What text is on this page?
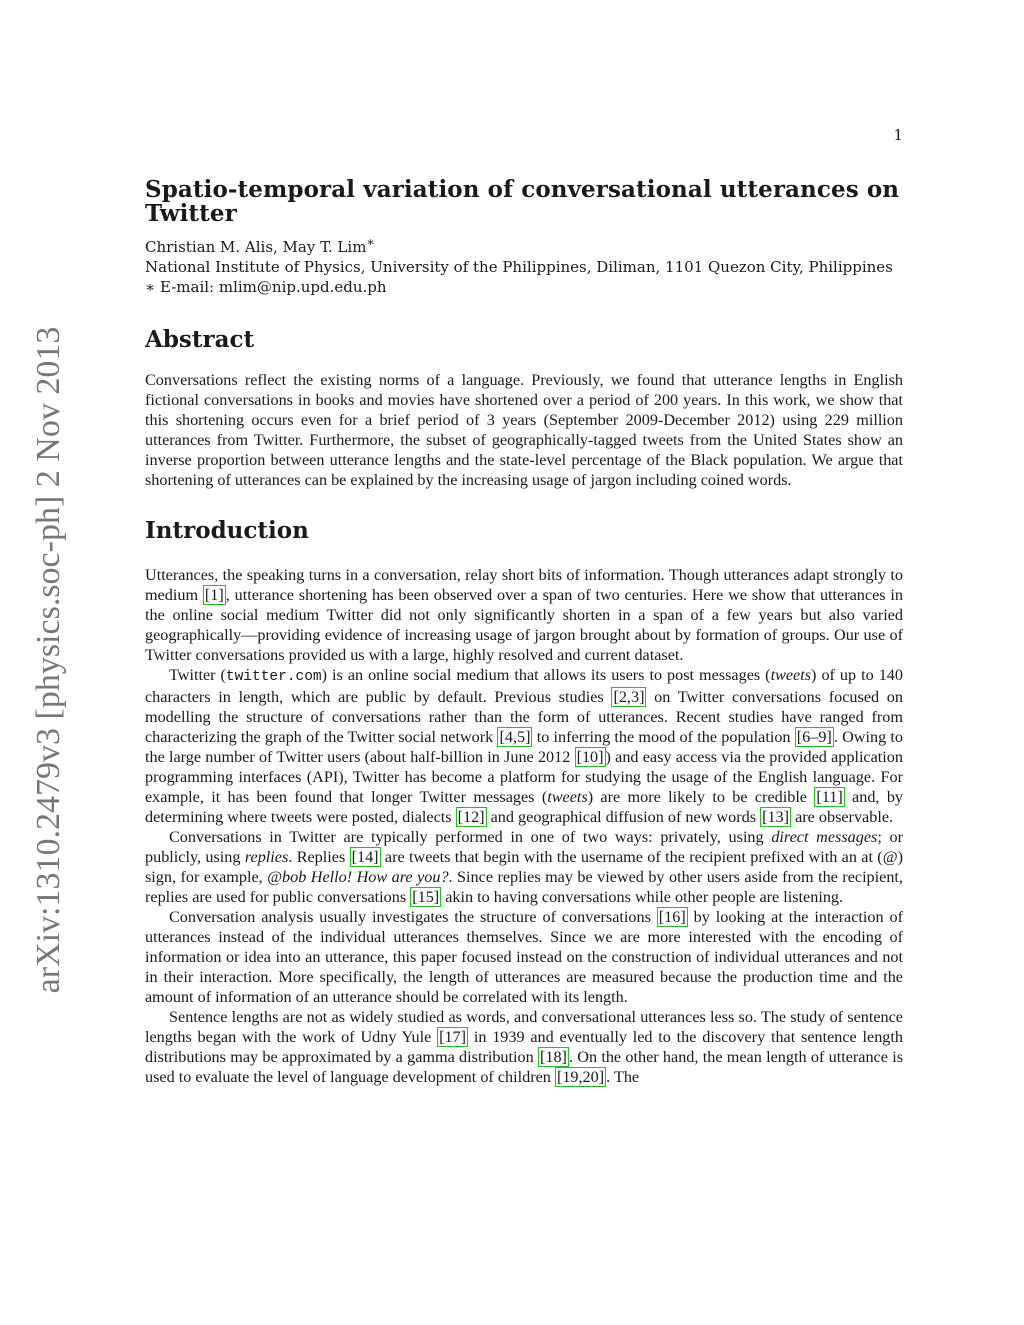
1
arXiv:1310.2479v3 [physics.soc-ph] 2 Nov 2013
Spatio-temporal variation of conversational utterances on Twitter
Christian M. Alis, May T. Lim∗
National Institute of Physics, University of the Philippines, Diliman, 1101 Quezon City, Philippines
∗ E-mail: mlim@nip.upd.edu.ph
Abstract

Conversations reflect the existing norms of a language. Previously, we found that utterance lengths in English fictional conversations in books and movies have shortened over a period of 200 years. In this work, we show that this shortening occurs even for a brief period of 3 years (September 2009-December 2012) using 229 million utterances from Twitter. Furthermore, the subset of geographically-tagged tweets from the United States show an inverse proportion between utterance lengths and the state-level percentage of the Black population. We argue that shortening of utterances can be explained by the increasing usage of jargon including coined words.

Introduction

Utterances, the speaking turns in a conversation, relay short bits of information. Though utterances adapt strongly to medium [1] , utterance shortening has been observed over a span of two centuries. Here we show that utterances in the online social medium Twitter did not only significantly shorten in a span of a few years but also varied geographically—providing evidence of increasing usage of jargon brought about by formation of groups. Our use of Twitter conversations provided us with a large, highly resolved and current dataset.

Twitter (twitter.com) is an online social medium that allows its users to post messages (tweets) of up to 140 characters in length, which are public by default. Previous studies [2,3] on Twitter conversations focused on modelling the structure of conversations rather than the form of utterances. Recent studies have ranged from characterizing the graph of the Twitter social network [4,5] to inferring the mood of the population [6–9] . Owing to the large number of Twitter users (about half-billion in June 2012 [10] ) and easy access via the provided application programming interfaces (API), Twitter has become a platform for studying the usage of the English language. For example, it has been found that longer Twitter messages (tweets) are more likely to be credible [11] and, by determining where tweets were posted, dialects [12] and geographical diffusion of new words [13] are observable.

Conversations in Twitter are typically performed in one of two ways: privately, using direct messages; or publicly, using replies. Replies [14] are tweets that begin with the username of the recipient prefixed with an at (@) sign, for example, @bob Hello! How are you?. Since replies may be viewed by other users aside from the recipient, replies are used for public conversations [15] akin to having conversations while other people are listening.

Conversation analysis usually investigates the structure of conversations [16] by looking at the interaction of utterances instead of the individual utterances themselves. Since we are more interested with the encoding of information or idea into an utterance, this paper focused instead on the construction of individual utterances and not in their interaction. More specifically, the length of utterances are measured because the production time and the amount of information of an utterance should be correlated with its length.

Sentence lengths are not as widely studied as words, and conversational utterances less so. The study of sentence lengths began with the work of Udny Yule [17] in 1939 and eventually led to the discovery that sentence length distributions may be approximated by a gamma distribution [18] . On the other hand, the mean length of utterance is used to evaluate the level of language development of children [19,20] . The
